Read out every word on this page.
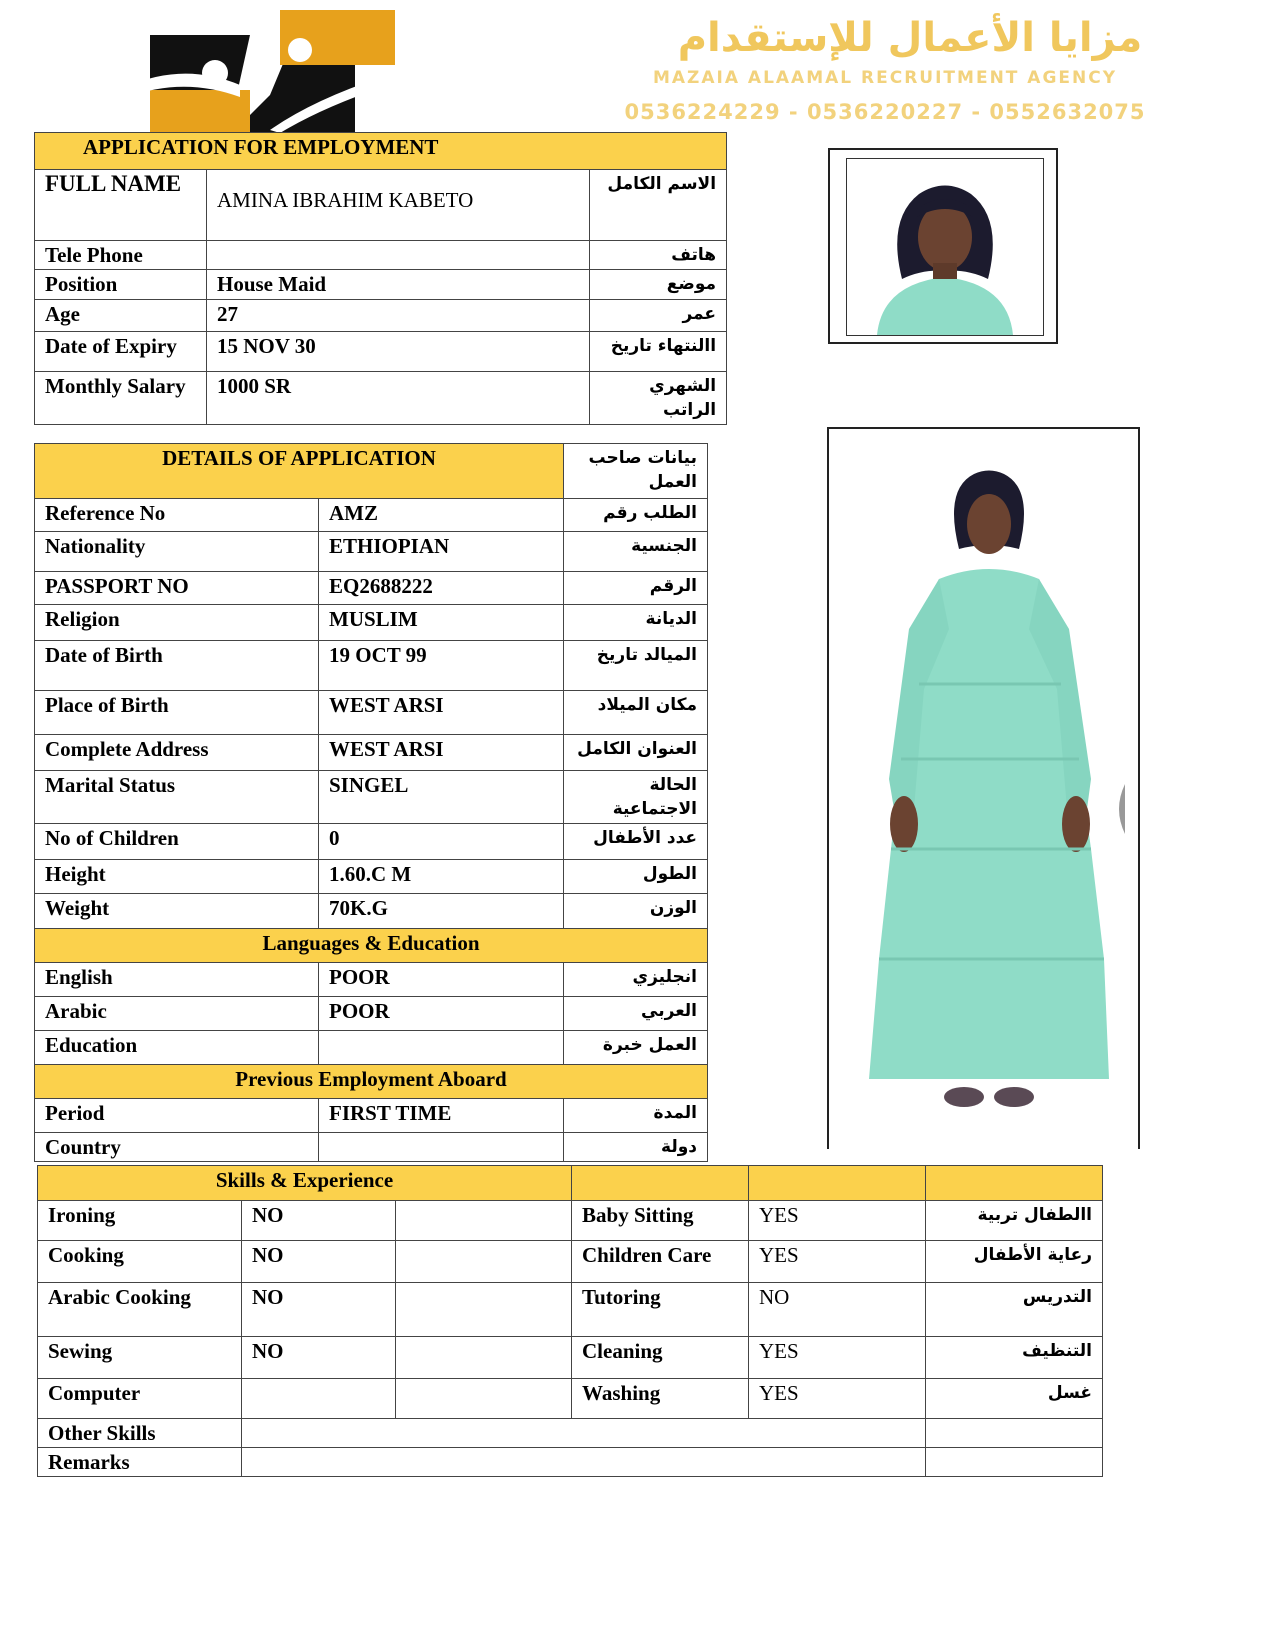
مزايا الأعمال للإستقدام
MAZAIA ALAAMAL RECRUITMENT AGENCY
0536224229 - 0536220227 - 0552632075
APPLICATION FOR EMPLOYMENT		
FULL NAME	AMINA IBRAHIM KABETO	الاسم الكامل
Tele Phone		هاتف
Position	House Maid	موضع
Age	27	عمر
Date of Expiry	15 NOV 30	االنتهاء تاريخ
Monthly Salary	1000 SR	الشهري الراتب
DETAILS OF APPLICATION		بيانات صاحب العمل
Reference No	AMZ	الطلب رقم
Nationality	ETHIOPIAN	الجنسية
PASSPORT NO	EQ2688222	الرقم
Religion	MUSLIM	الديانة
Date of Birth	19 OCT 99	الميالد تاريخ
Place of Birth	WEST ARSI	مكان الميلاد
Complete Address	WEST ARSI	العنوان الكامل
Marital Status	SINGEL	الحالة الاجتماعية
No of Children	0	عدد الأطفال
Height	1.60.C M	الطول
Weight	70K.G	الوزن
Languages & Education		
English	POOR	انجليزي
Arabic	POOR	العربي
Education		العمل خبرة
Previous Employment Aboard		
Period	FIRST TIME	المدة
Country		دولة
Skills & Experience					
Ironing	NO		Baby Sitting	YES	االطفال تربية
Cooking	NO		Children Care	YES	رعاية الأطفال
Arabic Cooking	NO		Tutoring	NO	التدريس
Sewing	NO		Cleaning	YES	التنظيف
Computer			Washing	YES	غسل
Other Skills					
Remarks					
